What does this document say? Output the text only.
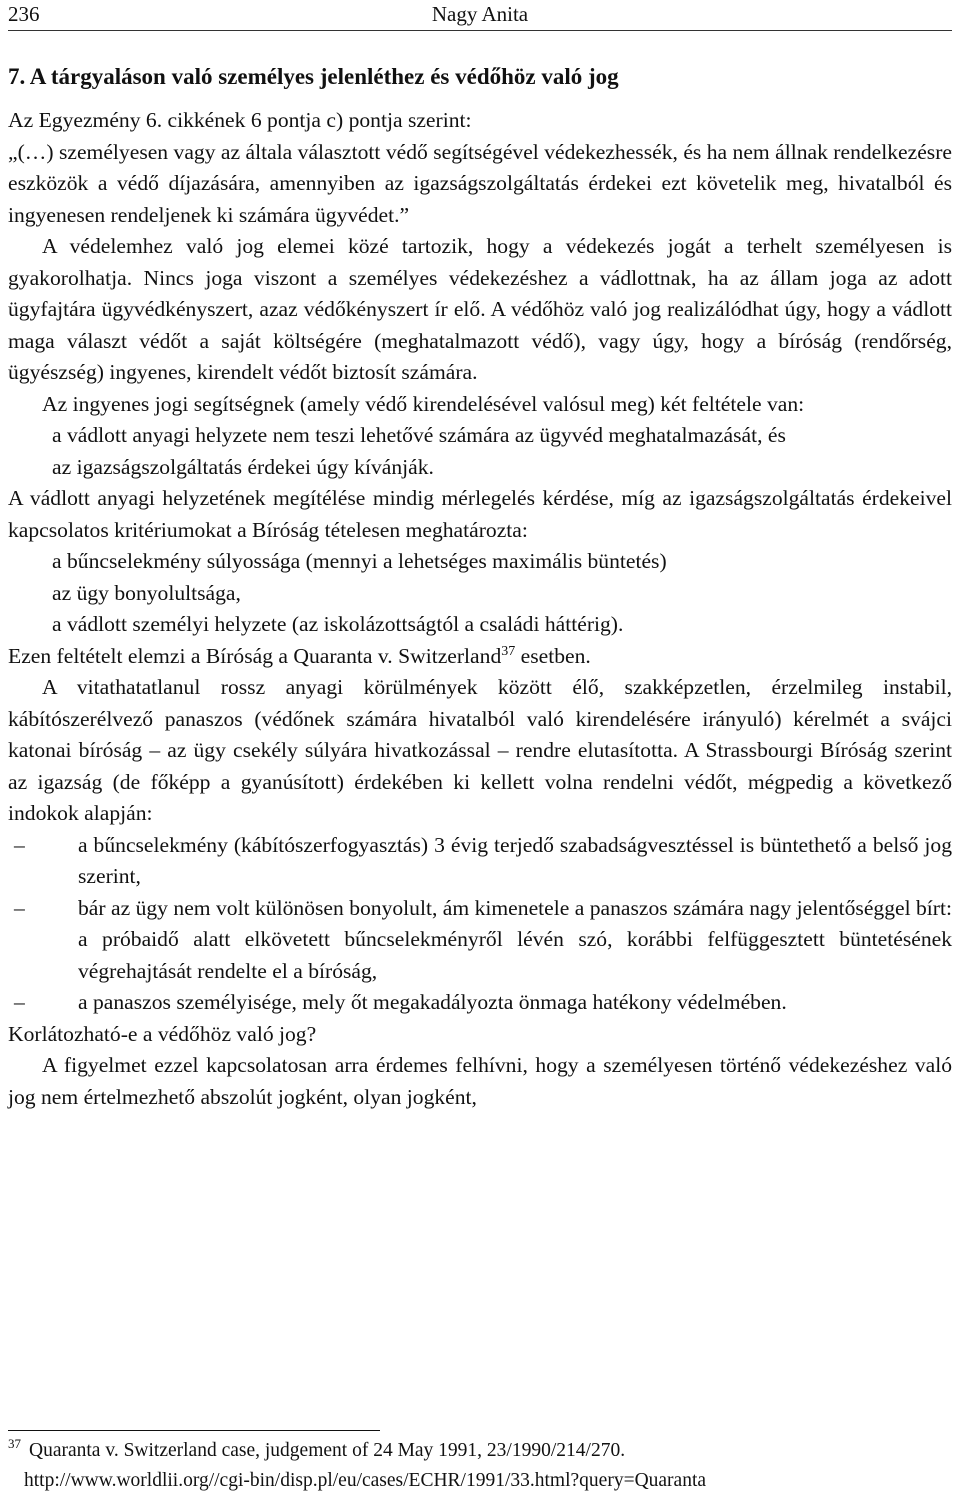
236	Nagy Anita
7. A tárgyaláson való személyes jelenléthez és védőhöz való jog

Az Egyezmény 6. cikkének 6 pontja c) pontja szerint:

„(…) személyesen vagy az általa választott védő segítségével védekezhessék, és ha nem állnak rendelkezésre eszközök a védő díjazására, amennyiben az igazságszolgáltatás érdekei ezt követelik meg, hivatalból és ingyenesen rendeljenek ki számára ügyvédet.”

A védelemhez való jog elemei közé tartozik, hogy a védekezés jogát a terhelt személyesen is gyakorolhatja. Nincs joga viszont a személyes védekezéshez a vádlottnak, ha az állam joga az adott ügyfajtára ügyvédkényszert, azaz védőkényszert ír elő. A védőhöz való jog realizálódhat úgy, hogy a vádlott maga választ védőt a saját költségére (meghatalmazott védő), vagy úgy, hogy a bíróság (rendőrség, ügyészség) ingyenes, kirendelt védőt biztosít számára.

Az ingyenes jogi segítségnek (amely védő kirendelésével valósul meg) két feltétele van:

a vádlott anyagi helyzete nem teszi lehetővé számára az ügyvéd meghatalmazását, és

az igazságszolgáltatás érdekei úgy kívánják.

A vádlott anyagi helyzetének megítélése mindig mérlegelés kérdése, míg az igazságszolgáltatás érdekeivel kapcsolatos kritériumokat a Bíróság tételesen meghatározta:

a bűncselekmény súlyossága (mennyi a lehetséges maximális büntetés)

az ügy bonyolultsága,

a vádlott személyi helyzete (az iskolázottságtól a családi háttérig).

Ezen feltételt elemzi a Bíróság a Quaranta v. Switzerland$^{37}$ esetben.

A vitathatatlanul rossz anyagi körülmények között élő, szakképzetlen, érzelmileg instabil, kábítószerélvező panaszos (védőnek számára hivatalból való kirendelésére irányuló) kérelmét a svájci katonai bíróság – az ügy csekély súlyára hivatkozással – rendre elutasította. A Strassbourgi Bíróság szerint az igazság (de főképp a gyanúsított) érdekében ki kellett volna rendelni védőt, mégpedig a következő indokok alapján:

– a bűncselekmény (kábítószerfogyasztás) 3 évig terjedő szabadságvesztéssel is büntethető a belső jog szerint,

– bár az ügy nem volt különösen bonyolult, ám kimenetele a panaszos számára nagy jelentőséggel bírt: a próbaidő alatt elkövetett bűncselekményről lévén szó, korábbi felfüggesztett büntetésének végrehajtását rendelte el a bíróság,

– a panaszos személyisége, mely őt megakadályozta önmaga hatékony védelmében.

Korlátozható-e a védőhöz való jog?

A figyelmet ezzel kapcsolatosan arra érdemes felhívni, hogy a személyesen történő védekezéshez való jog nem értelmezhető abszolút jogként, olyan jogként,

$^{37}$ Quaranta v. Switzerland case, judgement of 24 May 1991, 23/1990/214/270.
http://www.worldlii.org//cgi-bin/disp.pl/eu/cases/ECHR/1991/33.html?query=Quaranta
